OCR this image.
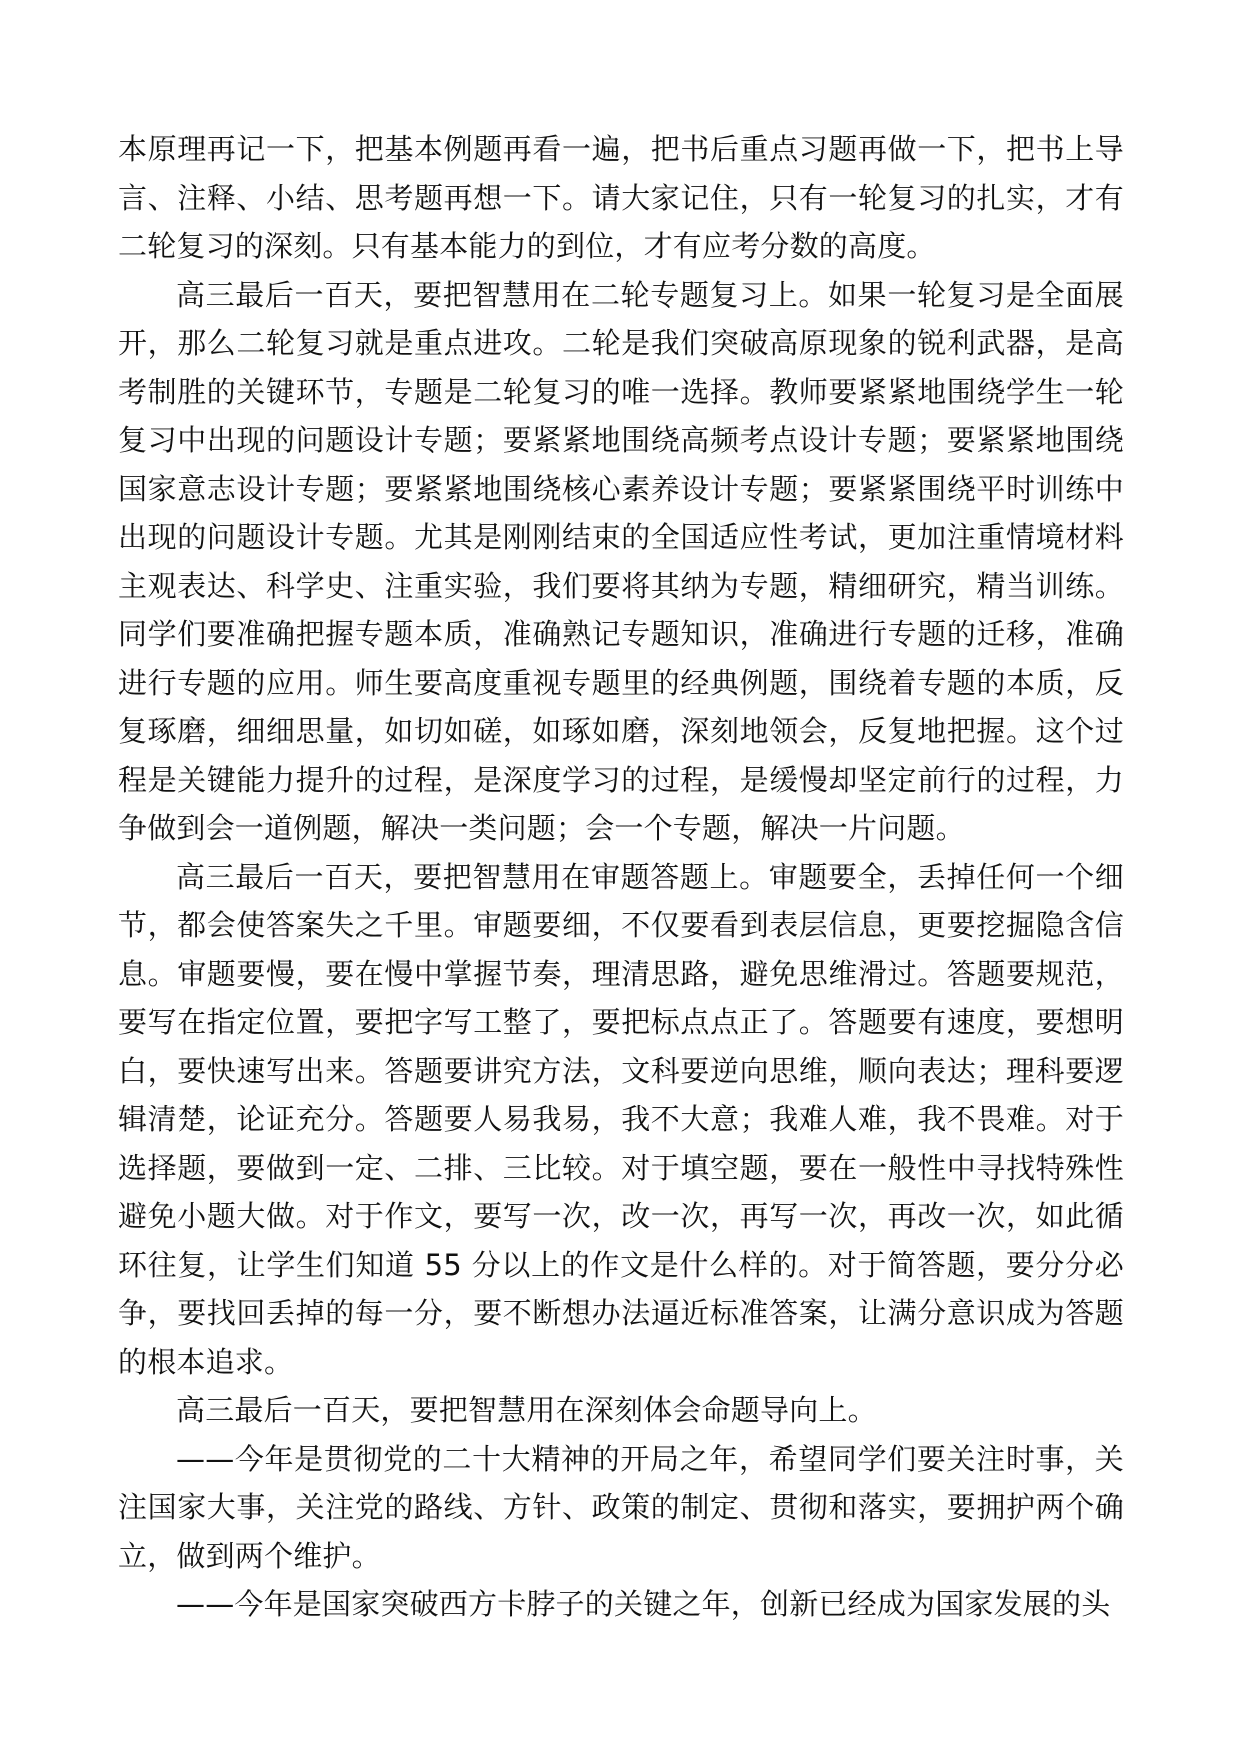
本原理再记一下，把基本例题再看一遍，把书后重点习题再做一下，把书上导言、注释、小结、思考题再想一下。请大家记住，只有一轮复习的扎实，才有二轮复习的深刻。只有基本能力的到位，才有应考分数的高度。

高三最后一百天，要把智慧用在二轮专题复习上。如果一轮复习是全面展开，那么二轮复习就是重点进攻。二轮是我们突破高原现象的锐利武器，是高考制胜的关键环节，专题是二轮复习的唯一选择。教师要紧紧地围绕学生一轮复习中出现的问题设计专题；要紧紧地围绕高频考点设计专题；要紧紧地围绕国家意志设计专题；要紧紧地围绕核心素养设计专题；要紧紧围绕平时训练中出现的问题设计专题。尤其是刚刚结束的全国适应性考试，更加注重情境材料主观表达、科学史、注重实验，我们要将其纳为专题，精细研究，精当训练。同学们要准确把握专题本质，准确熟记专题知识，准确进行专题的迁移，准确进行专题的应用。师生要高度重视专题里的经典例题，围绕着专题的本质，反复琢磨，细细思量，如切如磋，如琢如磨，深刻地领会，反复地把握。这个过程是关键能力提升的过程，是深度学习的过程，是缓慢却坚定前行的过程，力争做到会一道例题，解决一类问题；会一个专题，解决一片问题。

高三最后一百天，要把智慧用在审题答题上。审题要全，丢掉任何一个细节，都会使答案失之千里。审题要细，不仅要看到表层信息，更要挖掘隐含信息。审题要慢，要在慢中掌握节奏，理清思路，避免思维滑过。答题要规范，要写在指定位置，要把字写工整了，要把标点点正了。答题要有速度，要想明白，要快速写出来。答题要讲究方法，文科要逆向思维，顺向表达；理科要逻辑清楚，论证充分。答题要人易我易，我不大意；我难人难，我不畏难。对于选择题，要做到一定、二排、三比较。对于填空题，要在一般性中寻找特殊性避免小题大做。对于作文，要写一次，改一次，再写一次，再改一次，如此循环往复，让学生们知道 55 分以上的作文是什么样的。对于简答题，要分分必争，要找回丢掉的每一分，要不断想办法逼近标准答案，让满分意识成为答题的根本追求。

高三最后一百天，要把智慧用在深刻体会命题导向上。

——今年是贯彻党的二十大精神的开局之年，希望同学们要关注时事，关注国家大事，关注党的路线、方针、政策的制定、贯彻和落实，要拥护两个确立，做到两个维护。

——今年是国家突破西方卡脖子的关键之年，创新已经成为国家发展的头
